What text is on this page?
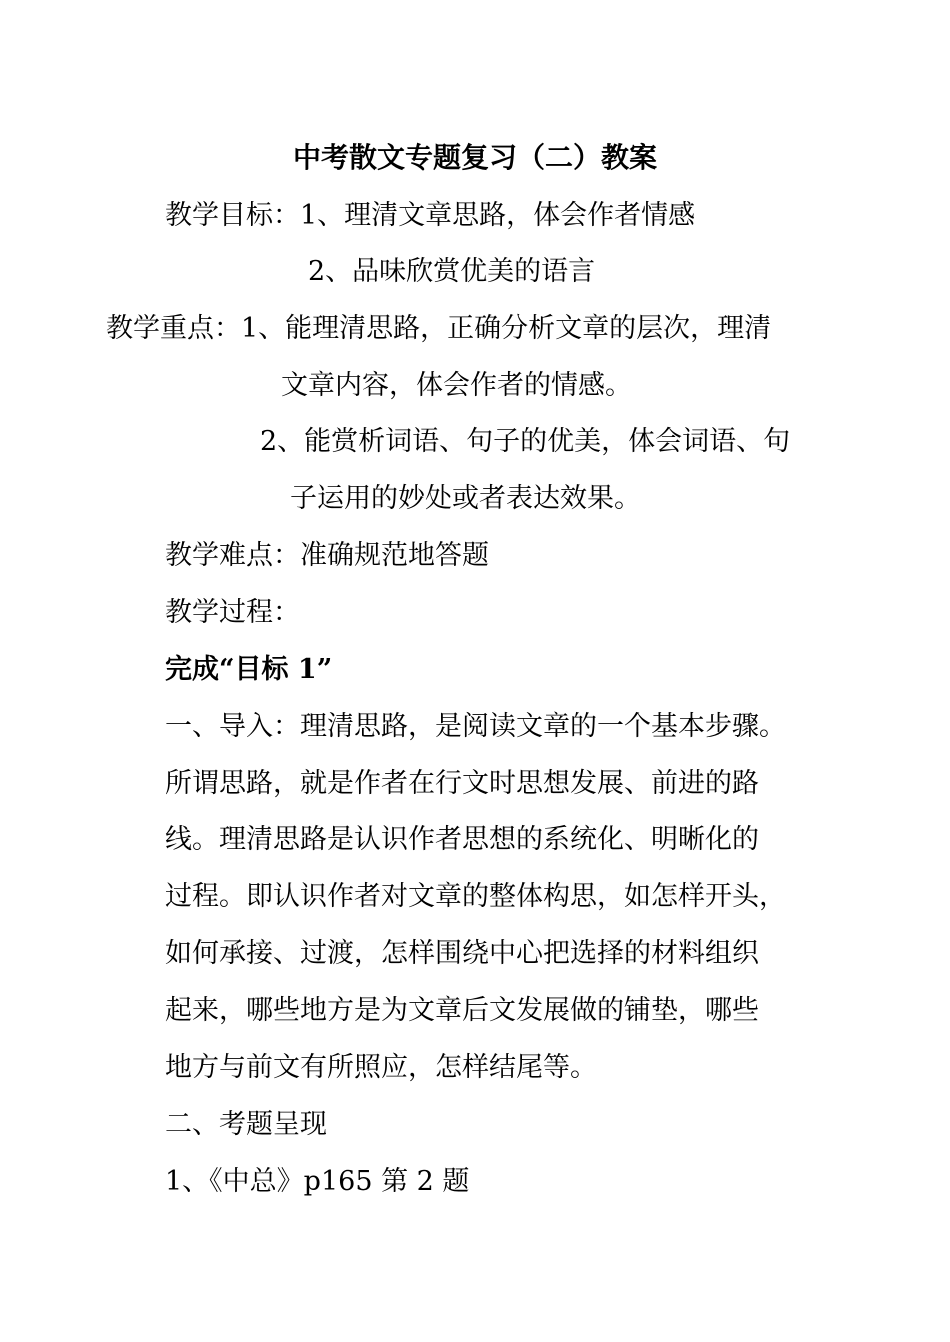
中考散文专题复习（二）教案
教学目标：1、理清文章思路，体会作者情感
2、品味欣赏优美的语言
教学重点：1、能理清思路，正确分析文章的层次，理清
文章内容，体会作者的情感。
2、能赏析词语、句子的优美，体会词语、句
子运用的妙处或者表达效果。
教学难点：准确规范地答题
教学过程：
完成“目标 1”
一、导入：理清思路，是阅读文章的一个基本步骤。
所谓思路，就是作者在行文时思想发展、前进的路
线。理清思路是认识作者思想的系统化、明晰化的
过程。即认识作者对文章的整体构思，如怎样开头，
如何承接、过渡，怎样围绕中心把选择的材料组织
起来，哪些地方是为文章后文发展做的铺垫，哪些
地方与前文有所照应，怎样结尾等。
二、考题呈现
1、《中总》p165 第 2 题
